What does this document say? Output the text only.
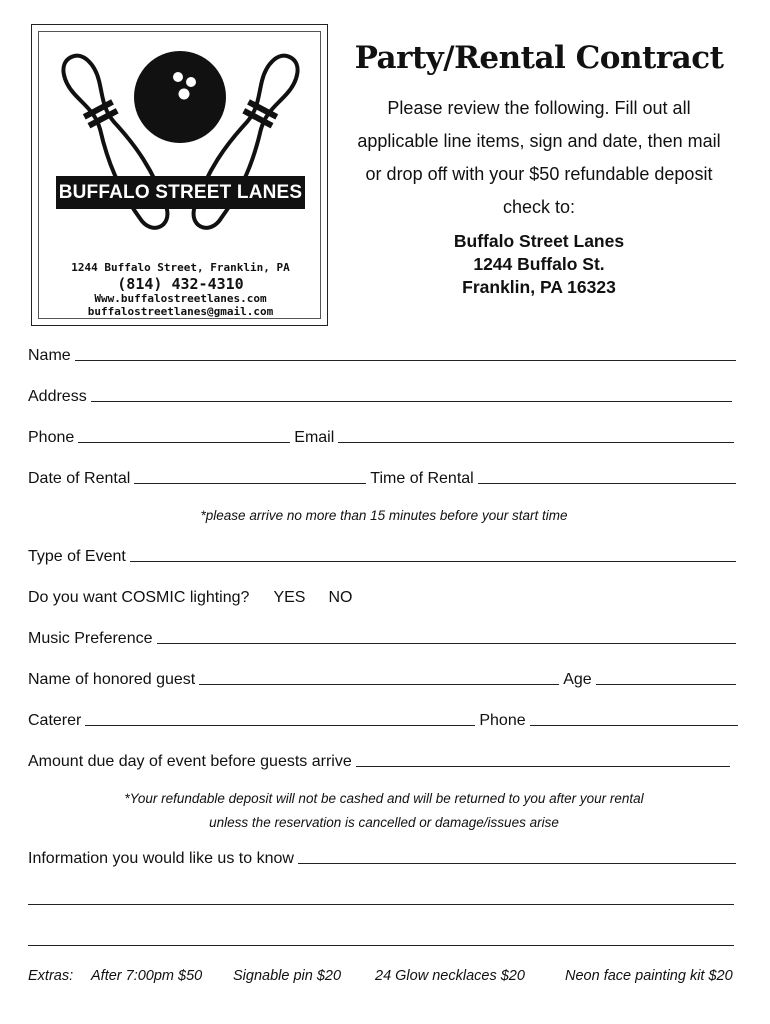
BUFFALO STREET LANES
1244 Buffalo Street, Franklin, PA
(814) 432-4310
Www.buffalostreetlanes.com
buffalostreetlanes@gmail.com
Party/Rental Contract
Please review the following. Fill out all applicable line items, sign and date, then mail or drop off with your $50 refundable deposit check to:
Buffalo Street Lanes
1244 Buffalo St.
Franklin, PA 16323
Name
Address
Phone	Email
Date of Rental	Time of Rental
*please arrive no more than 15 minutes before your start time
Type of Event
Do you want COSMIC lighting? YES NO
Music Preference
Name of honored guest	Age
Caterer	Phone
Amount due day of event before guests arrive
*Your refundable deposit will not be cashed and will be returned to you after your rental
unless the reservation is cancelled or damage/issues arise
Information you would like us to know
Extras: After 7:00pm $50 Signable pin $20 24 Glow necklaces $20	Neon face painting kit $20
